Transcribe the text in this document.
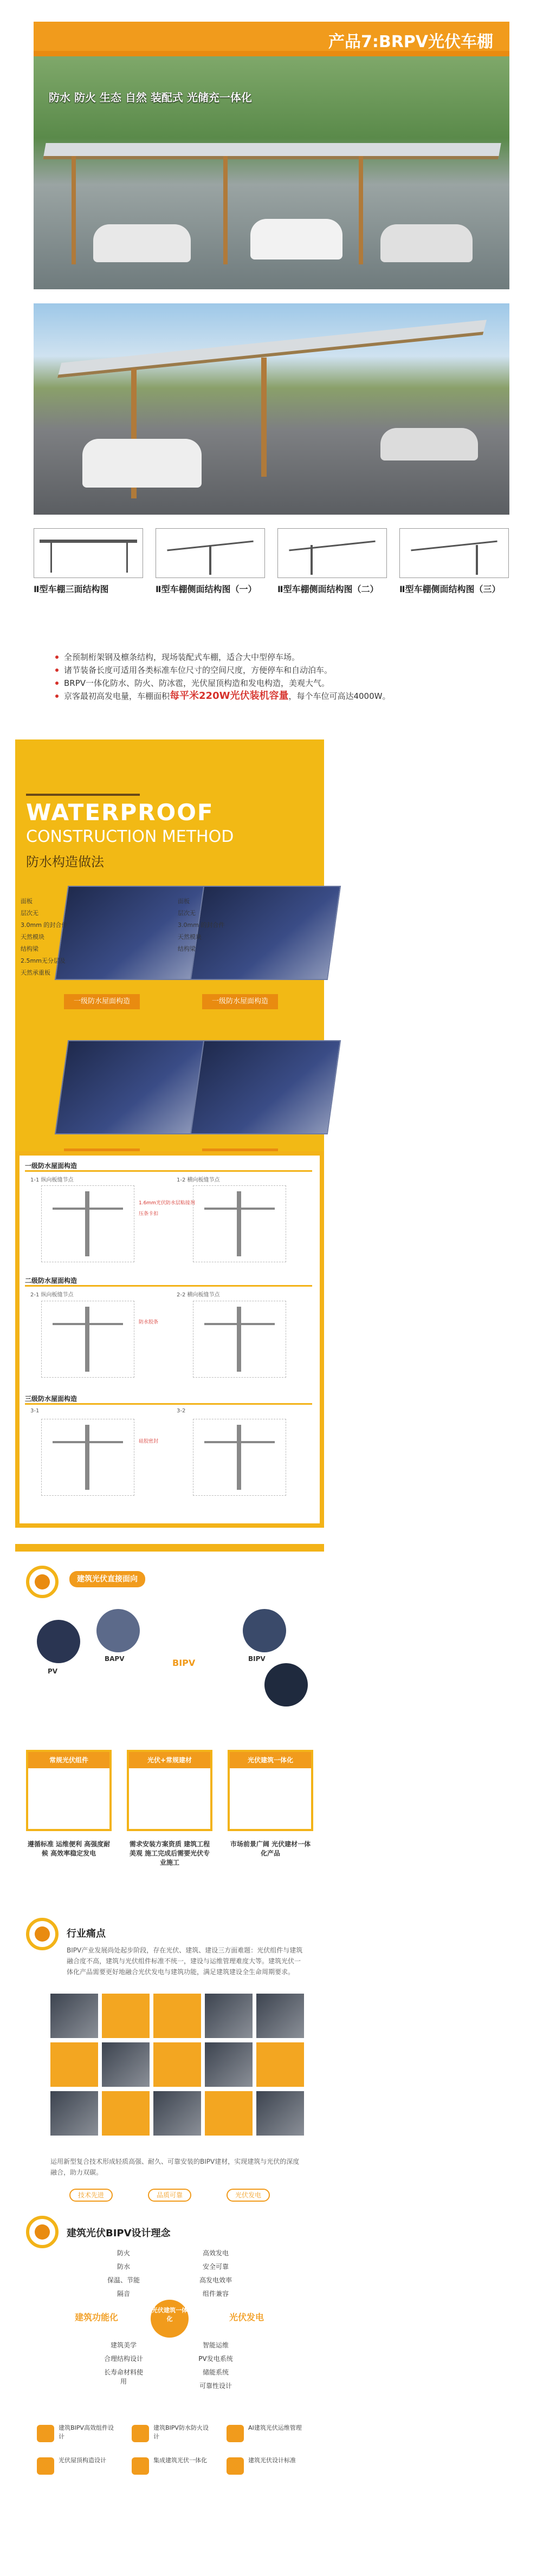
产品7:BRPV光伏车棚
防水 防火 生态 自然 装配式 光储充一体化
Ⅱ型车棚三面结构图	Ⅱ型车棚侧面结构图（一） Ⅱ型车棚侧面结构图（二） Ⅱ型车棚侧面结构图（三）
全预制桁架钢及檩条结构，现场装配式车棚，适合大中型停车场。
诸节装备长度可适用各类标准车位尺寸的空间尺度，方便停车和自动泊车。
BRPV一体化防水、防火、防冰雹，光伏屋顶构造和发电构造，美观大气。
京客最初高发电量，车棚面积每平米220W光伏装机容量，每个车位可高达4000W。
WATERPROOF
CONSTRUCTION METHOD
防水构造做法
面板
层次无
3.0mm 的封合件
天然模块
结构梁
2.5mm无分层及
天然承重板
面板
层次无
3.0mm 的封合件
天然模块
结构梁
一级防水屋面构造	一级防水屋面构造
一级防水屋面构造
1-1 纵向板缝节点	1-2 横向板缝节点
1.6mm光伏防水层粘接剂
压条卡扣
二级防水屋面构造
2-1 纵向板缝节点	2-2 横向板缝节点
防水胶条
三级防水屋面构造
3-1	3-2
硅胶密封
建筑光伏直接面向
PV
BAPV	BIPV	BIPV
常规光伏组件	光伏+常规建材	光伏建筑一体化
遵循标准 运维便利 高强度耐候 高效率稳定发电
需求安装方案资质 建筑工程美观 施工完成后需要光伏专业施工
市场前景广阔 光伏建材一体化产品
行业痛点
BIPV产业发展尚处起步阶段，存在光伏、建筑、建设三方面难题：光伏组件与建筑融合度不高，建筑与光伏组件标准不统一，建设与运维管理难度大等。建筑光伏一体化产品需要更好地融合光伏发电与建筑功能，满足建筑建设全生命周期要求。
运用新型复合技术形成轻质高强、耐久、可靠安装的BIPV建材，实现建筑与光伏的深度融合，助力双碳。
技术先进	品质可靠	光伏发电
建筑光伏BIPV设计理念
防火
防水
保温、节能
隔音
建筑美学
合理结构设计
长寿命材料使用
高效发电
安全可靠
高发电效率
组件兼容
智能运维
PV发电系统
储能系统
可靠性设计
建筑功能化	光伏发电
光伏建筑一体化
建筑BIPV高效组件设计
建筑BIPV防水防火设计
AI建筑光伏运维管理
光伏屋顶构造设计	集成建筑光伏一体化	建筑光伏设计标准
